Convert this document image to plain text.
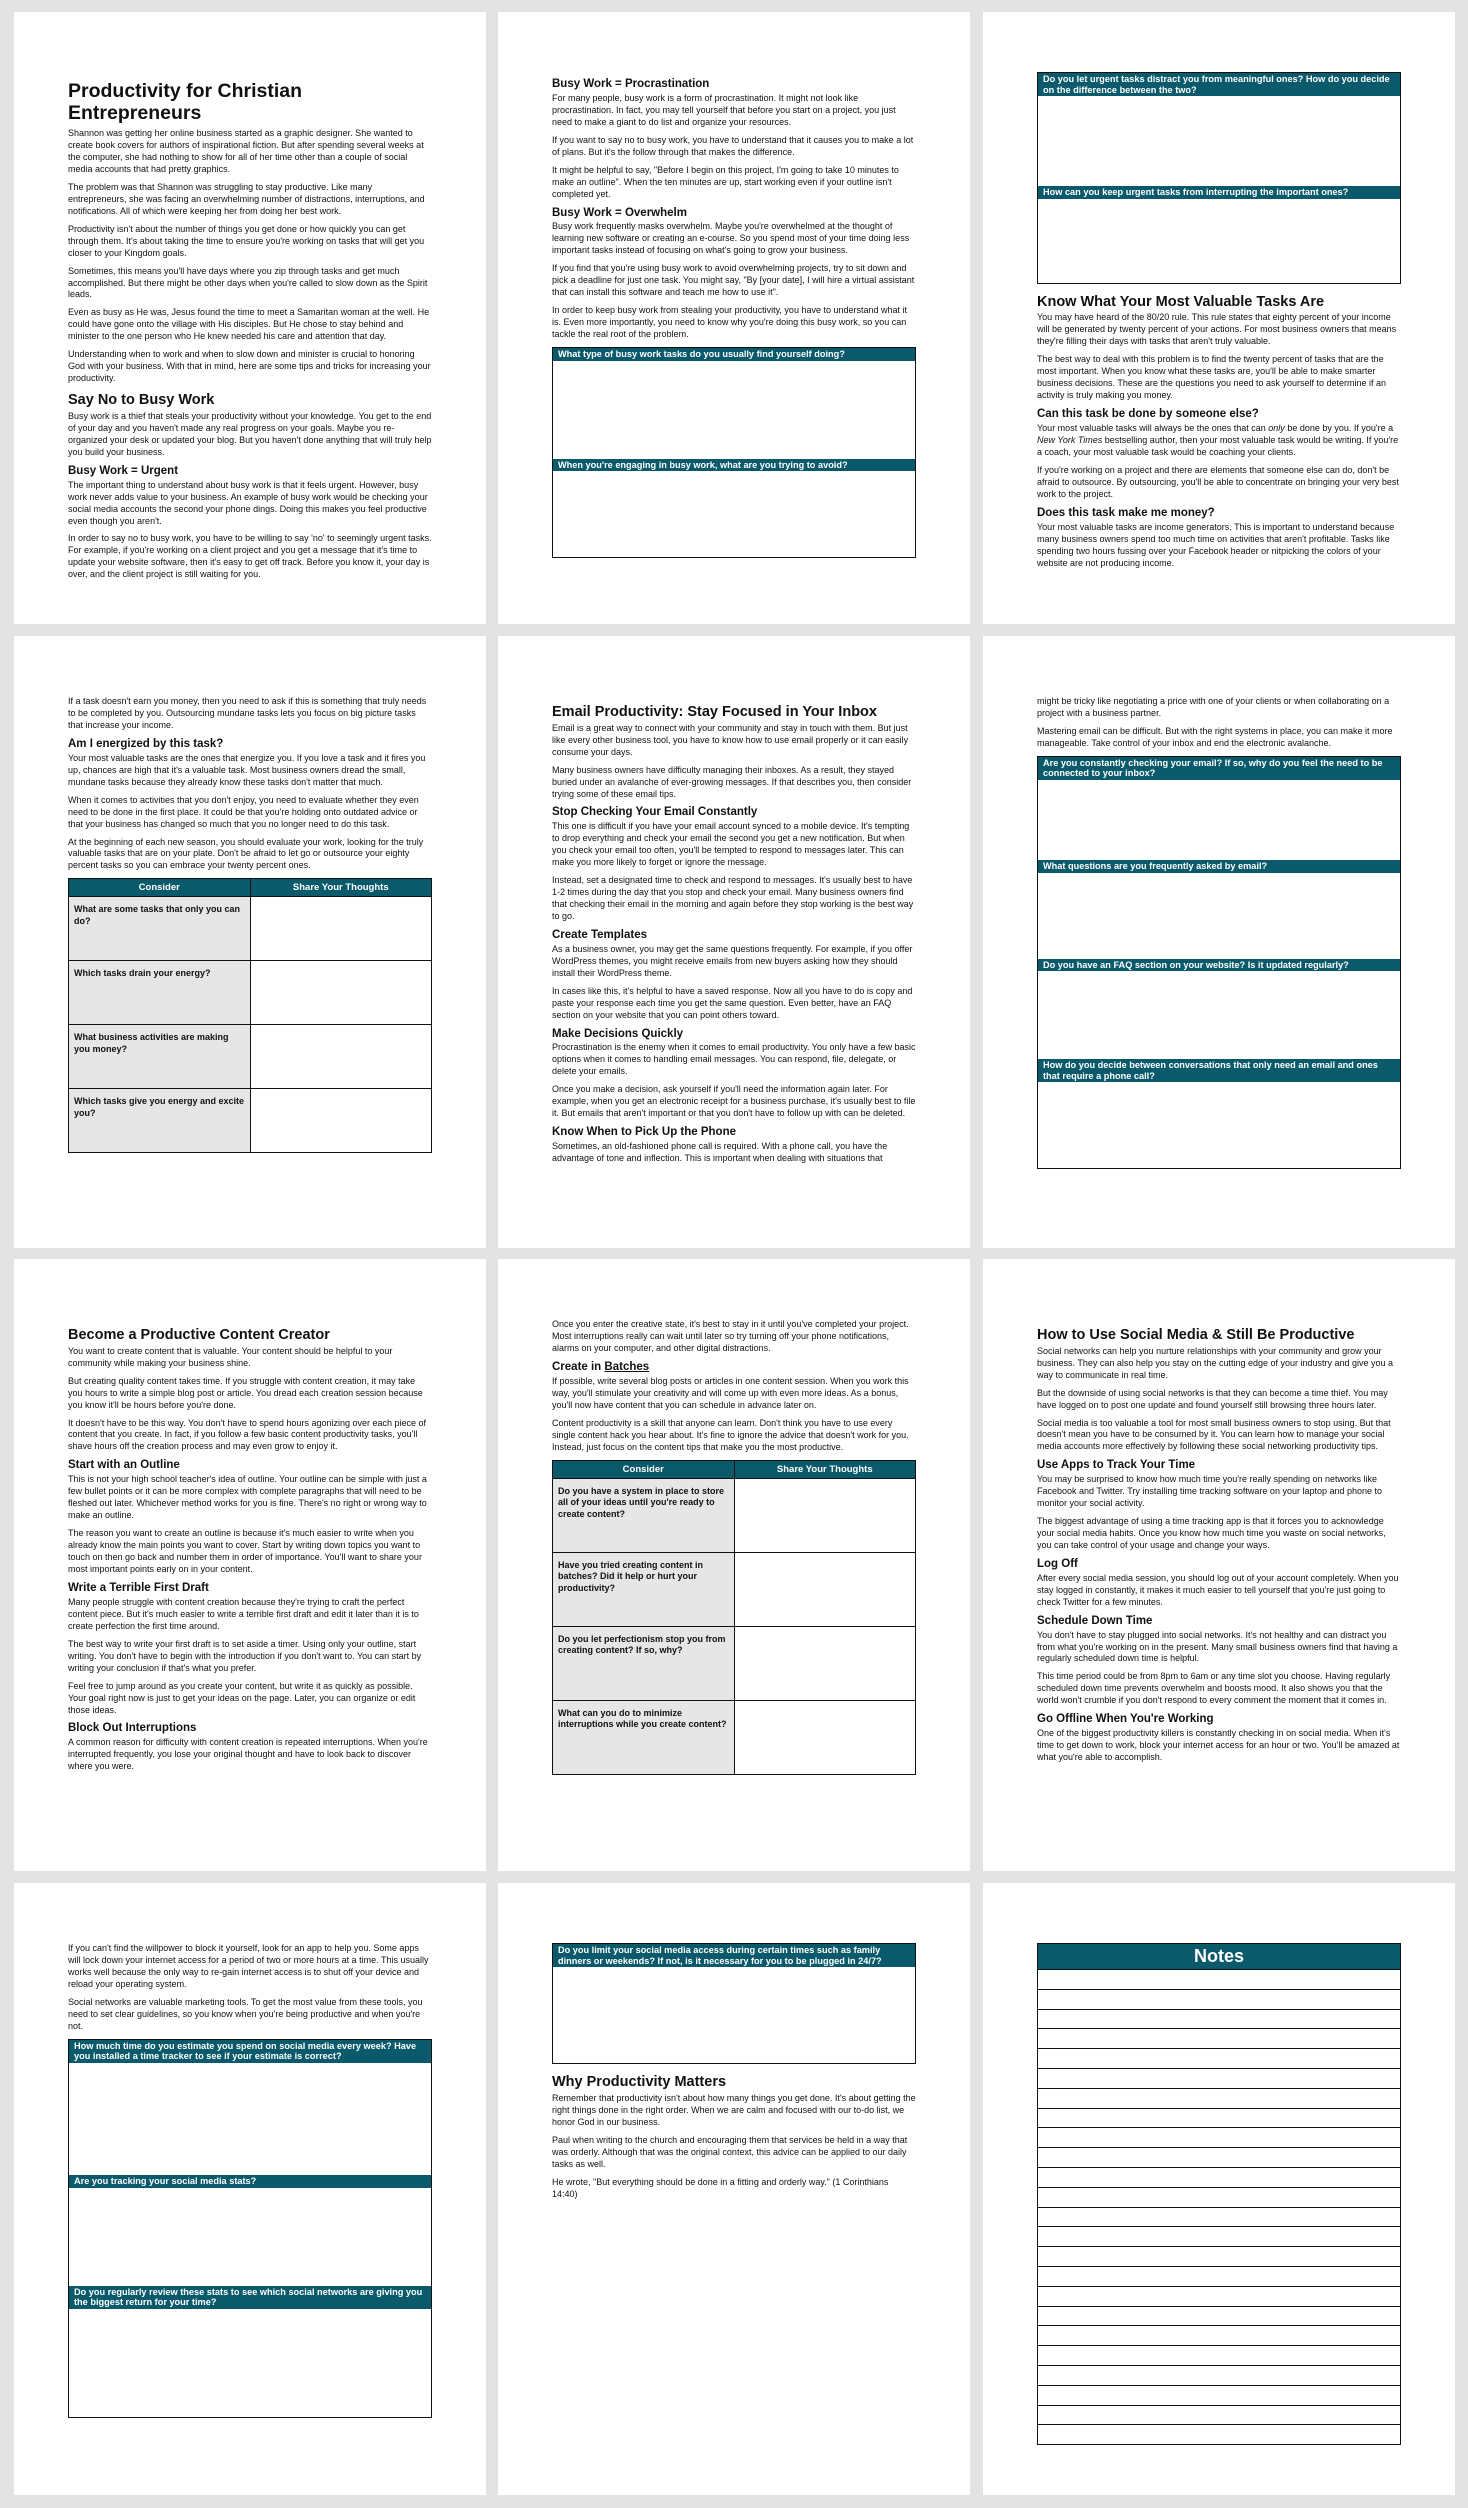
Productivity for Christian Entrepreneurs

Shannon was getting her online business started as a graphic designer. She wanted to create book covers for authors of inspirational fiction. But after spending several weeks at the computer, she had nothing to show for all of her time other than a couple of social media accounts that had pretty graphics.

The problem was that Shannon was struggling to stay productive. Like many entrepreneurs, she was facing an overwhelming number of distractions, interruptions, and notifications. All of which were keeping her from doing her best work.

Productivity isn't about the number of things you get done or how quickly you can get through them. It's about taking the time to ensure you're working on tasks that will get you closer to your Kingdom goals.

Sometimes, this means you'll have days where you zip through tasks and get much accomplished. But there might be other days when you're called to slow down as the Spirit leads.

Even as busy as He was, Jesus found the time to meet a Samaritan woman at the well. He could have gone onto the village with His disciples. But He chose to stay behind and minister to the one person who He knew needed his care and attention that day.

Understanding when to work and when to slow down and minister is crucial to honoring God with your business. With that in mind, here are some tips and tricks for increasing your productivity.

Say No to Busy Work

Busy work is a thief that steals your productivity without your knowledge. You get to the end of your day and you haven't made any real progress on your goals. Maybe you re-organized your desk or updated your blog. But you haven't done anything that will truly help you build your business.

Busy Work = Urgent

The important thing to understand about busy work is that it feels urgent. However, busy work never adds value to your business. An example of busy work would be checking your social media accounts the second your phone dings. Doing this makes you feel productive even though you aren't.

In order to say no to busy work, you have to be willing to say 'no' to seemingly urgent tasks. For example, if you're working on a client project and you get a message that it's time to update your website software, then it's easy to get off track. Before you know it, your day is over, and the client project is still waiting for you.

Busy Work = Procrastination

For many people, busy work is a form of procrastination. It might not look like procrastination. In fact, you may tell yourself that before you start on a project, you just need to make a giant to do list and organize your resources.

If you want to say no to busy work, you have to understand that it causes you to make a lot of plans. But it's the follow through that makes the difference.

It might be helpful to say, "Before I begin on this project, I'm going to take 10 minutes to make an outline". When the ten minutes are up, start working even if your outline isn't completed yet.

Busy Work = Overwhelm

Busy work frequently masks overwhelm. Maybe you're overwhelmed at the thought of learning new software or creating an e-course. So you spend most of your time doing less important tasks instead of focusing on what's going to grow your business.

If you find that you're using busy work to avoid overwhelming projects, try to sit down and pick a deadline for just one task. You might say, "By [your date], I will hire a virtual assistant that can install this software and teach me how to use it".

In order to keep busy work from stealing your productivity, you have to understand what it is. Even more importantly, you need to know why you're doing this busy work, so you can tackle the real root of the problem.

What type of busy work tasks do you usually find yourself doing?
When you're engaging in busy work, what are you trying to avoid?
Do you let urgent tasks distract you from meaningful ones? How do you decide on the difference between the two?
How can you keep urgent tasks from interrupting the important ones?
Know What Your Most Valuable Tasks Are

You may have heard of the 80/20 rule. This rule states that eighty percent of your income will be generated by twenty percent of your actions. For most business owners that means they're filling their days with tasks that aren't truly valuable.

The best way to deal with this problem is to find the twenty percent of tasks that are the most important. When you know what these tasks are, you'll be able to make smarter business decisions. These are the questions you need to ask yourself to determine if an activity is truly making you money.

Can this task be done by someone else?

Your most valuable tasks will always be the ones that can only be done by you. If you're a New York Times bestselling author, then your most valuable task would be writing. If you're a coach, your most valuable task would be coaching your clients.

If you're working on a project and there are elements that someone else can do, don't be afraid to outsource. By outsourcing, you'll be able to concentrate on bringing your very best work to the project.

Does this task make me money?

Your most valuable tasks are income generators. This is important to understand because many business owners spend too much time on activities that aren't profitable. Tasks like spending two hours fussing over your Facebook header or nitpicking the colors of your website are not producing income.

If a task doesn't earn you money, then you need to ask if this is something that truly needs to be completed by you. Outsourcing mundane tasks lets you focus on big picture tasks that increase your income.

Am I energized by this task?

Your most valuable tasks are the ones that energize you. If you love a task and it fires you up, chances are high that it's a valuable task. Most business owners dread the small, mundane tasks because they already know these tasks don't matter that much.

When it comes to activities that you don't enjoy, you need to evaluate whether they even need to be done in the first place. It could be that you're holding onto outdated advice or that your business has changed so much that you no longer need to do this task.

At the beginning of each new season, you should evaluate your work, looking for the truly valuable tasks that are on your plate. Don't be afraid to let go or outsource your eighty percent tasks so you can embrace your twenty percent ones.

Consider	Share Your Thoughts
What are some tasks that only you can do?	
Which tasks drain your energy?	
What business activities are making you money?	
Which tasks give you energy and excite you?	
Email Productivity: Stay Focused in Your Inbox

Email is a great way to connect with your community and stay in touch with them. But just like every other business tool, you have to know how to use email properly or it can easily consume your days.

Many business owners have difficulty managing their inboxes. As a result, they stayed buried under an avalanche of ever-growing messages. If that describes you, then consider trying some of these email tips.

Stop Checking Your Email Constantly

This one is difficult if you have your email account synced to a mobile device. It's tempting to drop everything and check your email the second you get a new notification. But when you check your email too often, you'll be tempted to respond to messages later. This can make you more likely to forget or ignore the message.

Instead, set a designated time to check and respond to messages. It's usually best to have 1-2 times during the day that you stop and check your email. Many business owners find that checking their email in the morning and again before they stop working is the best way to go.

Create Templates

As a business owner, you may get the same questions frequently. For example, if you offer WordPress themes, you might receive emails from new buyers asking how they should install their WordPress theme.

In cases like this, it's helpful to have a saved response. Now all you have to do is copy and paste your response each time you get the same question. Even better, have an FAQ section on your website that you can point others toward.

Make Decisions Quickly

Procrastination is the enemy when it comes to email productivity. You only have a few basic options when it comes to handling email messages. You can respond, file, delegate, or delete your emails.

Once you make a decision, ask yourself if you'll need the information again later. For example, when you get an electronic receipt for a business purchase, it's usually best to file it. But emails that aren't important or that you don't have to follow up with can be deleted.

Know When to Pick Up the Phone

Sometimes, an old-fashioned phone call is required. With a phone call, you have the advantage of tone and inflection. This is important when dealing with situations that

might be tricky like negotiating a price with one of your clients or when collaborating on a project with a business partner.

Mastering email can be difficult. But with the right systems in place, you can make it more manageable. Take control of your inbox and end the electronic avalanche.

Are you constantly checking your email? If so, why do you feel the need to be connected to your inbox?
What questions are you frequently asked by email?
Do you have an FAQ section on your website? Is it updated regularly?
How do you decide between conversations that only need an email and ones that require a phone call?
Become a Productive Content Creator

You want to create content that is valuable. Your content should be helpful to your community while making your business shine.

But creating quality content takes time. If you struggle with content creation, it may take you hours to write a simple blog post or article. You dread each creation session because you know it'll be hours before you're done.

It doesn't have to be this way. You don't have to spend hours agonizing over each piece of content that you create. In fact, if you follow a few basic content productivity tasks, you'll shave hours off the creation process and may even grow to enjoy it.

Start with an Outline

This is not your high school teacher's idea of outline. Your outline can be simple with just a few bullet points or it can be more complex with complete paragraphs that will need to be fleshed out later. Whichever method works for you is fine. There's no right or wrong way to make an outline.

The reason you want to create an outline is because it's much easier to write when you already know the main points you want to cover. Start by writing down topics you want to touch on then go back and number them in order of importance. You'll want to share your most important points early on in your content.

Write a Terrible First Draft

Many people struggle with content creation because they're trying to craft the perfect content piece. But it's much easier to write a terrible first draft and edit it later than it is to create perfection the first time around.

The best way to write your first draft is to set aside a timer. Using only your outline, start writing. You don't have to begin with the introduction if you don't want to. You can start by writing your conclusion if that's what you prefer.

Feel free to jump around as you create your content, but write it as quickly as possible. Your goal right now is just to get your ideas on the page. Later, you can organize or edit those ideas.

Block Out Interruptions

A common reason for difficulty with content creation is repeated interruptions. When you're interrupted frequently, you lose your original thought and have to look back to discover where you were.

Once you enter the creative state, it's best to stay in it until you've completed your project. Most interruptions really can wait until later so try turning off your phone notifications, alarms on your computer, and other digital distractions.

Create in Batches

If possible, write several blog posts or articles in one content session. When you work this way, you'll stimulate your creativity and will come up with even more ideas. As a bonus, you'll now have content that you can schedule in advance later on.

Content productivity is a skill that anyone can learn. Don't think you have to use every single content hack you hear about. It's fine to ignore the advice that doesn't work for you. Instead, just focus on the content tips that make you the most productive.

Consider	Share Your Thoughts
Do you have a system in place to store all of your ideas until you're ready to create content?	
Have you tried creating content in batches? Did it help or hurt your productivity?	
Do you let perfectionism stop you from creating content? If so, why?	
What can you do to minimize interruptions while you create content?	
How to Use Social Media & Still Be Productive

Social networks can help you nurture relationships with your community and grow your business. They can also help you stay on the cutting edge of your industry and give you a way to communicate in real time.

But the downside of using social networks is that they can become a time thief. You may have logged on to post one update and found yourself still browsing three hours later.

Social media is too valuable a tool for most small business owners to stop using. But that doesn't mean you have to be consumed by it. You can learn how to manage your social media accounts more effectively by following these social networking productivity tips.

Use Apps to Track Your Time

You may be surprised to know how much time you're really spending on networks like Facebook and Twitter. Try installing time tracking software on your laptop and phone to monitor your social activity.

The biggest advantage of using a time tracking app is that it forces you to acknowledge your social media habits. Once you know how much time you waste on social networks, you can take control of your usage and change your ways.

Log Off

After every social media session, you should log out of your account completely. When you stay logged in constantly, it makes it much easier to tell yourself that you're just going to check Twitter for a few minutes.

Schedule Down Time

You don't have to stay plugged into social networks. It's not healthy and can distract you from what you're working on in the present. Many small business owners find that having a regularly scheduled down time is helpful.

This time period could be from 8pm to 6am or any time slot you choose. Having regularly scheduled down time prevents overwhelm and boosts mood. It also shows you that the world won't crumble if you don't respond to every comment the moment that it comes in.

Go Offline When You're Working

One of the biggest productivity killers is constantly checking in on social media. When it's time to get down to work, block your internet access for an hour or two. You'll be amazed at what you're able to accomplish.

If you can't find the willpower to block it yourself, look for an app to help you. Some apps will lock down your internet access for a period of two or more hours at a time. This usually works well because the only way to re-gain internet access is to shut off your device and reload your operating system.

Social networks are valuable marketing tools. To get the most value from these tools, you need to set clear guidelines, so you know when you're being productive and when you're not.

How much time do you estimate you spend on social media every week? Have you installed a time tracker to see if your estimate is correct?
Are you tracking your social media stats?
Do you regularly review these stats to see which social networks are giving you the biggest return for your time?
Do you limit your social media access during certain times such as family dinners or weekends? If not, is it necessary for you to be plugged in 24/7?
Why Productivity Matters

Remember that productivity isn't about how many things you get done. It's about getting the right things done in the right order. When we are calm and focused with our to-do list, we honor God in our business.

Paul when writing to the church and encouraging them that services be held in a way that was orderly. Although that was the original context, this advice can be applied to our daily tasks as well.

He wrote, "But everything should be done in a fitting and orderly way." (1 Corinthians 14:40)

Notes
